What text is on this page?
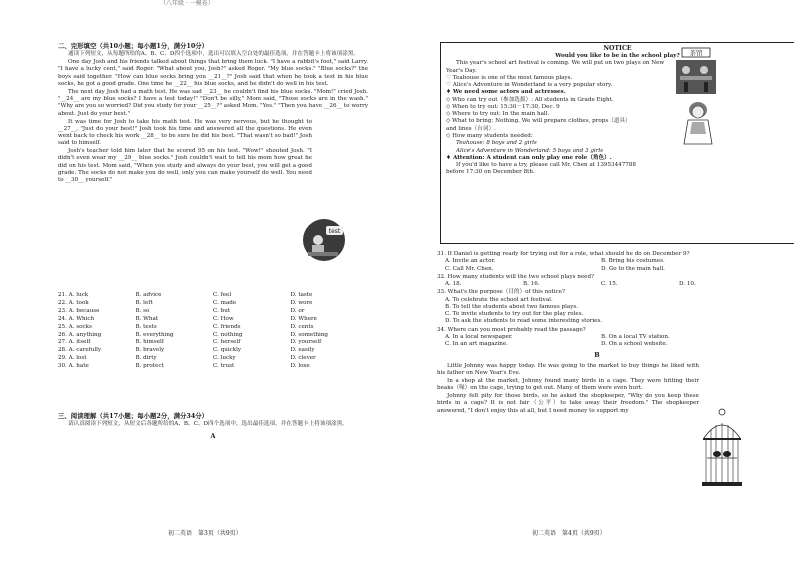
（八年级 · 一模卷）
二、完形填空（共10小题；每小题1分，满分10分）
通读下列短文，从每题所给的A、B、C、D四个选项中，选出可以填入空白处的最佳选项，并在答题卡上将该项涂黑。
One day Josh and his friends talked about things that bring them luck. "I have a rabbit's foot," said Larry. "I have a lucky cent," said Roger. "What about you, Josh?" asked Roger. "My blue socks." "Blue socks?" the boys said together. "How can blue socks bring you __21__?" Josh said that when he took a test in his blue socks, he got a good grade. One time he __22__ his blue socks, and he didn't do well in his test.
The next day Josh had a math test. He was sad __23__ he couldn't find his blue socks. "Mom!" cried Josh. "__24__ are my blue socks? I have a test today!" "Don't be silly," Mom said, "Those socks are in the wash." "Why are you so worried? Did you study for your __25__?" asked Mom. "Yes." "Then you have __26__ to worry about. Just do your best."
It was time for Josh to take his math test. He was very nervous, but he thought to __27__, "Just do your best!" Josh took his time and answered all the questions. He even went back to check his work __28__ to be sure he did his best. "That wasn't so bad!" Josh said to himself.
Josh's teacher told him later that he scored 95 on his test. "Wow!" shouted Josh. "I didn't even wear my __29__ blue socks." Josh couldn't wait to tell his mom how great he did on his test. Mom said, "When you study and always do your best, you will get a good grade. The socks do not make you do well, only you can make yourself do well. You need to __30__ yourself."
test
21. A. luck	B. advice	C. feel	D. taste
22. A. took	B. left	C. made	D. wore
23. A. because	B. so	C. but	D. or
24. A. Which	B. What	C. How	D. Where
25. A. socks	B. tests	C. friends	D. cents
26. A. anything	B. everything	C. nothing	D. something
27. A. itself	B. himself	C. herself	D. yourself
28. A. carefully	B. bravely	C. quickly	D. easily
29. A. lost	B. dirty	C. lucky	D. clever
30. A. hate	B. protect	C. trust	D. lose
三、阅读理解（共17小题；每小题2分，满分34分）
请认真阅读下列短文，从短文后各题所给的A、B、C、D四个选项中，选出最佳选项，并在答题卡上将该项涂黑。
A
初二英语　第3页（共9页）
NOTICE
Would you like to be in the school play?
This year's school art festival is coming. We will put on two plays on New Year's Day.
♡ Teahouse is one of the most famous plays.
♡ Alice's Adventure in Wonderland is a very popular story.
♦ We need some actors and actresses.
◇ Who can try out（参加选拔）: All students in Grade Eight.
◇ When to try out: 15:30－17:30, Dec. 9
◇ Where to try out: In the main hall.
◇ What to bring: Nothing. We will prepare clothes, props（道具）
and lines（台词）.
◇ How many students needed:
Teahouse: 8 boys and 2 girls
Alice's Adventure in Wonderland: 5 boys and 3 girls
♦ Attention: A student can only play one role（角色）.
If you'd like to have a try, please call Mr. Chen at 13953447788
before 17:30 on December 8th.
茶馆
31. If Daniel is getting ready for trying out for a role, what should he do on December 9?
A. Invite an actor.	B. Bring his costumes.
C. Call Mr. Chen.	D. Go to the main hall.
32. How many students will the two school plays need?
A. 18.	B. 16.	C. 15.	D. 10.
33. What's the purpose（目的）of this notice?
A. To celebrate the school art festival.
B. To tell the students about two famous plays.
C. To invite students to try out for the play roles.
D. To ask the students to read some interesting stories.
34. Where can you most probably read the passage?
A. In a local newspaper.	B. On a local TV station.
C. In an art magazine.	D. On a school website.
B
Little Johnny was happy today. He was going to the market to buy things he liked with his father on New Year's Eve.
In a shop at the market, Johnny found many birds in a cage. They were hitting their beaks（喙）on the cage, trying to get out. Many of them were even hurt.
Johnny felt pity for those birds, so he asked the shopkeeper, "Why do you keep these birds in a cage? It is not fair（公平）to take away their freedom." The shopkeeper answered, "I don't enjoy this at all, but I need money to support my
初二英语　第4页（共9页）
